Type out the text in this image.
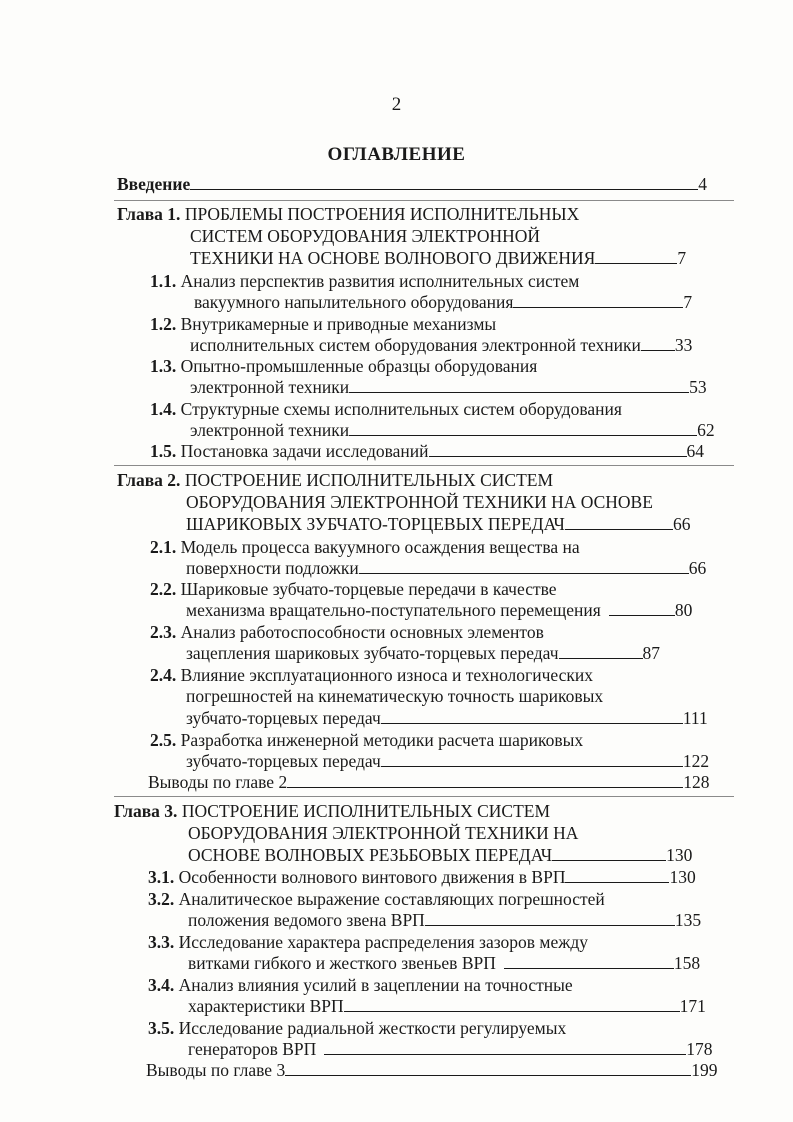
2
ОГЛАВЛЕНИЕ
Введение	4
Глава 1. ПРОБЛЕМЫ ПОСТРОЕНИЯ ИСПОЛНИТЕЛЬНЫХ
СИСТЕМ ОБОРУДОВАНИЯ ЭЛЕКТРОННОЙ
ТЕХНИКИ НА ОСНОВЕ ВОЛНОВОГО ДВИЖЕНИЯ	7
1.1. Анализ перспектив развития исполнительных систем
вакуумного напылительного оборудования	7
1.2. Внутрикамерные и приводные механизмы
исполнительных систем оборудования электронной техники 33
1.3. Опытно-промышленные образцы оборудования
электронной техники	53
1.4. Структурные схемы исполнительных систем оборудования
электронной техники	62
1.5. Постановка задачи исследований	64
Глава 2. ПОСТРОЕНИЕ ИСПОЛНИТЕЛЬНЫХ СИСТЕМ
ОБОРУДОВАНИЯ ЭЛЕКТРОННОЙ ТЕХНИКИ НА ОСНОВЕ
ШАРИКОВЫХ ЗУБЧАТО-ТОРЦЕВЫХ ПЕРЕДАЧ	66
2.1. Модель процесса вакуумного осаждения вещества на
поверхности подложки	66
2.2. Шариковые зубчато-торцевые передачи в качестве
механизма вращательно-поступательного перемещения	80
2.3. Анализ работоспособности основных элементов
зацепления шариковых зубчато-торцевых передач	87
2.4. Влияние эксплуатационного износа и технологических
погрешностей на кинематическую точность шариковых
зубчато-торцевых передач	111
2.5. Разработка инженерной методики расчета шариковых
зубчато-торцевых передач	122
Выводы по главе 2	128
Глава 3. ПОСТРОЕНИЕ ИСПОЛНИТЕЛЬНЫХ СИСТЕМ
ОБОРУДОВАНИЯ ЭЛЕКТРОННОЙ ТЕХНИКИ НА
ОСНОВЕ ВОЛНОВЫХ РЕЗЬБОВЫХ ПЕРЕДАЧ	130
3.1. Особенности волнового винтового движения в ВРП	130
3.2. Аналитическое выражение составляющих погрешностей
положения ведомого звена ВРП	135
3.3. Исследование характера распределения зазоров между
витками гибкого и жесткого звеньев ВРП	158
3.4. Анализ влияния усилий в зацеплении на точностные
характеристики ВРП	171
3.5. Исследование радиальной жесткости регулируемых
генераторов ВРП	178
Выводы по главе 3	199
